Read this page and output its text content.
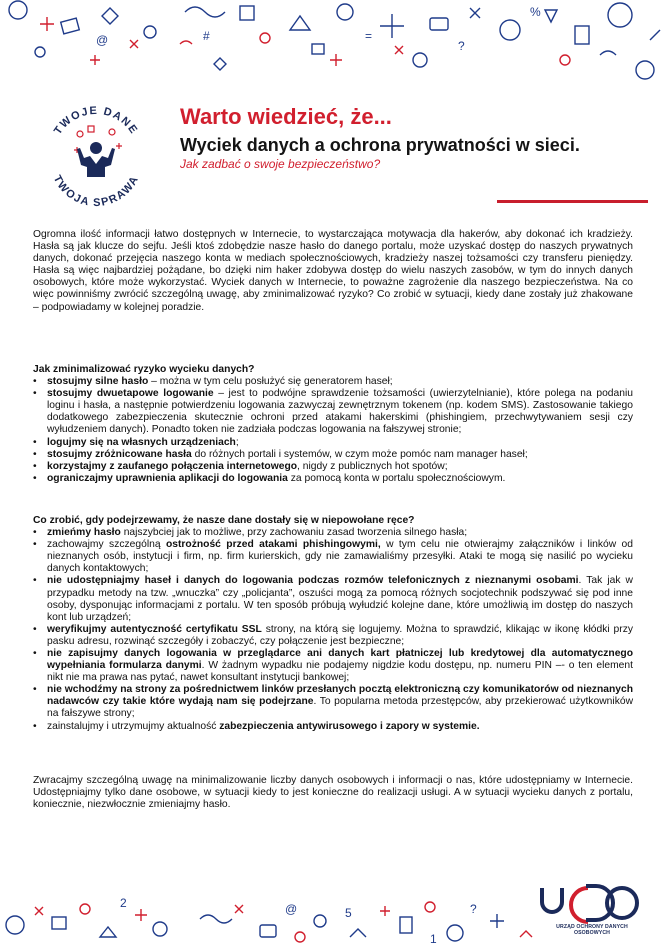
@	#
?
%
=
TWOJE DANE
TWOJA SPRAWA
Warto wiedzieć, że...
Wyciek danych a ochrona prywatności w sieci.
Jak zadbać o swoje bezpieczeństwo?

Ogromna ilość informacji łatwo dostępnych w Internecie, to wystarczająca motywacja dla hakerów, aby dokonać ich kradzieży. Hasła są jak klucze do sejfu. Jeśli ktoś zdobędzie nasze hasło do danego portalu, może uzyskać dostęp do naszych prywatnych danych, dokonać przejęcia naszego konta w mediach społecznościowych, kradzieży naszej tożsamości czy transferu pieniędzy. Hasła są więc najbardziej pożądane, bo dzięki nim haker zdobywa dostęp do wielu naszych zasobów, w tym do innych danych osobowych, które może wykorzystać. Wyciek danych w Internecie, to poważne zagrożenie dla naszego bezpieczeństwa. Na co więc powinniśmy zwrócić szczególną uwagę, aby zminimalizować ryzyko? Co zrobić w sytuacji, kiedy dane zostały już zhakowane – podpowiadamy w kolejnej poradzie.

Jak zminimalizować ryzyko wycieku danych?

• stosujmy silne hasło – można w tym celu posłużyć się generatorem haseł;
• stosujmy dwuetapowe logowanie – jest to podwójne sprawdzenie tożsamości (uwierzytelnianie), które polega na podaniu loginu i hasła, a następnie potwierdzeniu logowania zazwyczaj zewnętrznym tokenem (np. kodem SMS). Zastosowanie takiego dodatkowego zabezpieczenia skutecznie ochroni przed atakami hakerskimi (phishingiem, przechwytywaniem sesji czy wyłudzeniem danych). Ponadto token nie zadziała podczas logowania na fałszywej stronie;
• logujmy się na własnych urządzeniach;
• stosujmy zróżnicowane hasła do różnych portali i systemów, w czym może pomóc nam manager haseł;
• korzystajmy z zaufanego połączenia internetowego, nigdy z publicznych hot spotów;
• ograniczajmy uprawnienia aplikacji do logowania za pomocą konta w portalu społecznościowym.

Co zrobić, gdy podejrzewamy, że nasze dane dostały się w niepowołane ręce?

• zmieńmy hasło najszybciej jak to możliwe, przy zachowaniu zasad tworzenia silnego hasła;
• zachowajmy szczególną ostrożność przed atakami phishingowymi, w tym celu nie otwierajmy załączników i linków od nieznanych osób, instytucji i firm, np. firm kurierskich, gdy nie zamawialiśmy przesyłki. Ataki te mogą się nasilić po wycieku danych kontaktowych;
• nie udostępniajmy haseł i danych do logowania podczas rozmów telefonicznych z nieznanymi osobami. Tak jak w przypadku metody na tzw. „wnuczka” czy „policjanta”, oszuści mogą za pomocą różnych socjotechnik podszywać się pod inne osoby, dysponując informacjami z portalu. W ten sposób próbują wyłudzić kolejne dane, które umożliwią im dostęp do naszych kont lub urządzeń;
• weryfikujmy autentyczność certyfikatu SSL strony, na którą się logujemy. Można to sprawdzić, klikając w ikonę kłódki przy pasku adresu, rozwinąć szczegóły i zobaczyć, czy połączenie jest bezpieczne;
• nie zapisujmy danych logowania w przeglądarce ani danych kart płatniczej lub kredytowej dla automatycznego wypełniania formularza danymi. W żadnym wypadku nie podajemy nigdzie kodu dostępu, np. numeru PIN –- o ten element nikt nie ma prawa nas pytać, nawet konsultant instytucji bankowej;
• nie wchodźmy na strony za pośrednictwem linków przesłanych pocztą elektroniczną czy komunikatorów od nieznanych nadawców czy takie które wydają nam się podejrzane. To popularna metoda przestępców, aby przekierować użytkowników na fałszywe strony;
• zainstalujmy i utrzymujmy aktualność zabezpieczenia antywirusowego i zapory w systemie.

Zwracajmy szczególną uwagę na minimalizowanie liczby danych osobowych i informacji o nas, które udostępniamy w Internecie. Udostępniajmy tylko dane osobowe, w sytuacji kiedy to jest konieczne do realizacji usługi. A w sytuacji wycieku danych z portalu, koniecznie, niezwłocznie zmieniajmy hasło.

2	@	5	?
1
URZĄD OCHRONY DANYCH OSOBOWYCH
